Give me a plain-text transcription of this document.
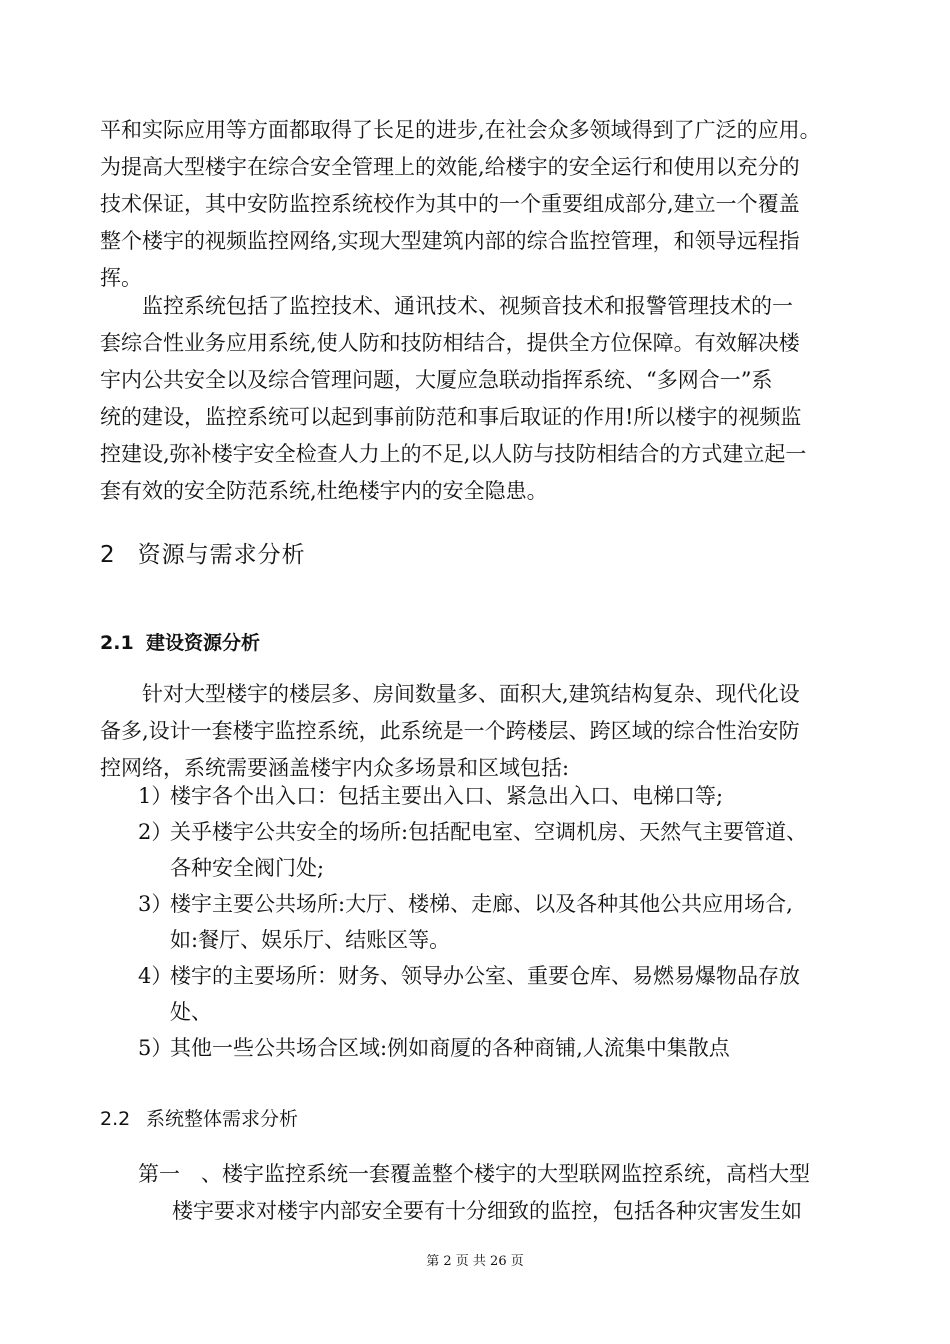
平和实际应用等方面都取得了长足的进步,在社会众多领域得到了广泛的应用。
为提高大型楼宇在综合安全管理上的效能,给楼宇的安全运行和使用以充分的
技术保证，其中安防监控系统校作为其中的一个重要组成部分,建立一个覆盖
整个楼宇的视频监控网络,实现大型建筑内部的综合监控管理，和领导远程指
挥。
监控系统包括了监控技术、通讯技术、视频音技术和报警管理技术的一
套综合性业务应用系统,使人防和技防相结合，提供全方位保障。有效解决楼
宇内公共安全以及综合管理问题，大厦应急联动指挥系统、“多网合一”系
统的建设，监控系统可以起到事前防范和事后取证的作用!所以楼宇的视频监
控建设,弥补楼宇安全检查人力上的不足,以人防与技防相结合的方式建立起一
套有效的安全防范系统,杜绝楼宇内的安全隐患。
2 资源与需求分析
2.1 建设资源分析
针对大型楼宇的楼层多、房间数量多、面积大,建筑结构复杂、现代化设
备多,设计一套楼宇监控系统，此系统是一个跨楼层、跨区域的综合性治安防
控网络，系统需要涵盖楼宇内众多场景和区域包括:
1）
楼宇各个出入口：包括主要出入口、紧急出入口、电梯口等;
2）
关乎楼宇公共安全的场所:包括配电室、空调机房、天然气主要管道、
各种安全阀门处;
3）
楼宇主要公共场所:大厅、楼梯、走廊、以及各种其他公共应用场合,
如:餐厅、娱乐厅、结账区等。
4）
楼宇的主要场所：财务、领导办公室、重要仓库、易燃易爆物品存放
处、
5）
其他一些公共场合区域:例如商厦的各种商铺,人流集中集散点
2.2 系统整体需求分析
第一　、楼宇监控系统一套覆盖整个楼宇的大型联网监控系统，高档大型
楼宇要求对楼宇内部安全要有十分细致的监控，包括各种灾害发生如
第 2 页 共 26 页
